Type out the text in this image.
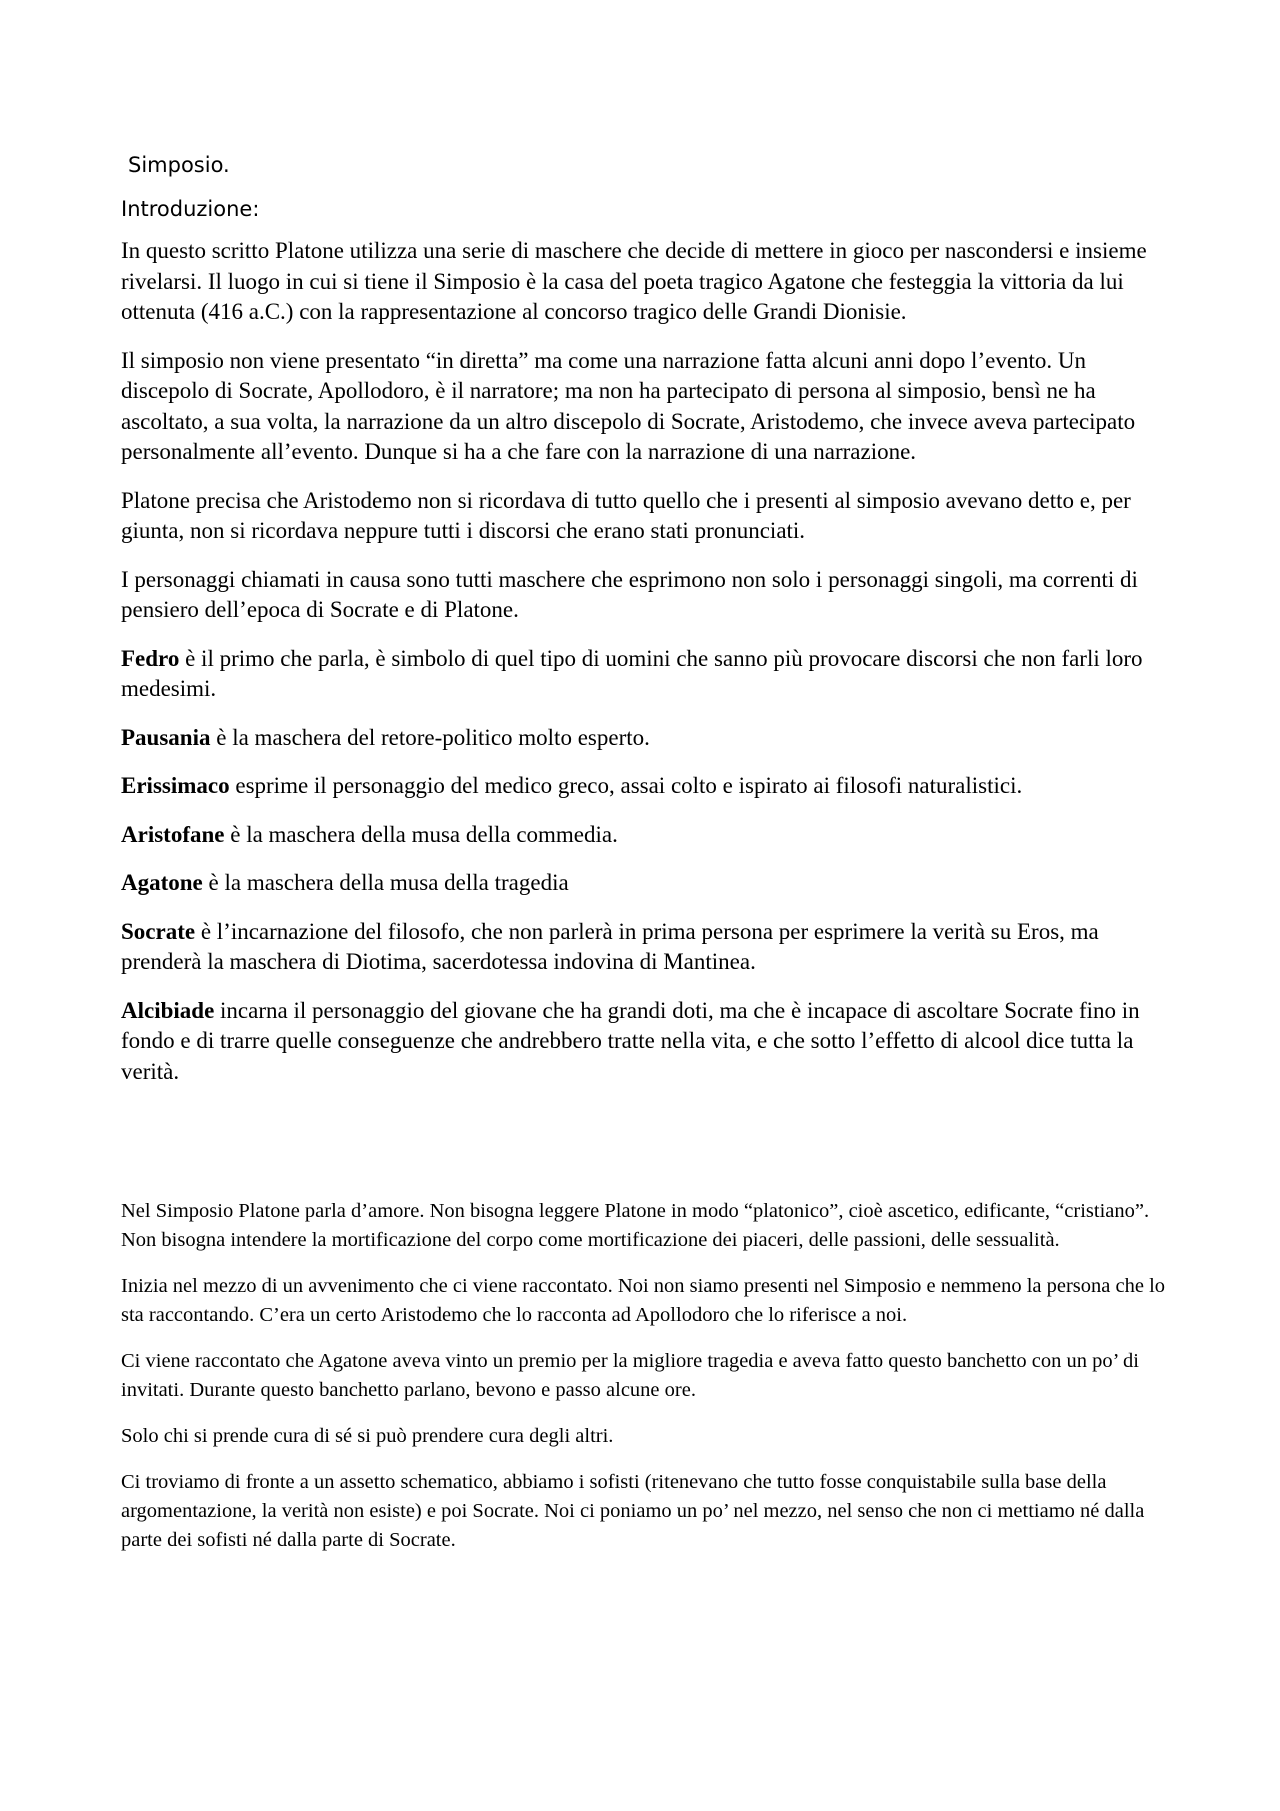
Simposio.
Introduzione:

In questo scritto Platone utilizza una serie di maschere che decide di mettere in gioco per nascondersi e insieme rivelarsi. Il luogo in cui si tiene il Simposio è la casa del poeta tragico Agatone che festeggia la vittoria da lui ottenuta (416 a.C.) con la rappresentazione al concorso tragico delle Grandi Dionisie.

Il simposio non viene presentato “in diretta” ma come una narrazione fatta alcuni anni dopo l’evento. Un discepolo di Socrate, Apollodoro, è il narratore; ma non ha partecipato di persona al simposio, bensì ne ha ascoltato, a sua volta, la narrazione da un altro discepolo di Socrate, Aristodemo, che invece aveva partecipato personalmente all’evento. Dunque si ha a che fare con la narrazione di una narrazione.

Platone precisa che Aristodemo non si ricordava di tutto quello che i presenti al simposio avevano detto e, per giunta, non si ricordava neppure tutti i discorsi che erano stati pronunciati.

I personaggi chiamati in causa sono tutti maschere che esprimono non solo i personaggi singoli, ma correnti di pensiero dell’epoca di Socrate e di Platone.

Fedro è il primo che parla, è simbolo di quel tipo di uomini che sanno più provocare discorsi che non farli loro medesimi.

Pausania è la maschera del retore-politico molto esperto.

Erissimaco esprime il personaggio del medico greco, assai colto e ispirato ai filosofi naturalistici.

Aristofane è la maschera della musa della commedia.

Agatone è la maschera della musa della tragedia

Socrate è l’incarnazione del filosofo, che non parlerà in prima persona per esprimere la verità su Eros, ma prenderà la maschera di Diotima, sacerdotessa indovina di Mantinea.

Alcibiade incarna il personaggio del giovane che ha grandi doti, ma che è incapace di ascoltare Socrate fino in fondo e di trarre quelle conseguenze che andrebbero tratte nella vita, e che sotto l’effetto di alcool dice tutta la verità.

Nel Simposio Platone parla d’amore. Non bisogna leggere Platone in modo “platonico”, cioè ascetico, edificante, “cristiano”. Non bisogna intendere la mortificazione del corpo come mortificazione dei piaceri, delle passioni, delle sessualità.

Inizia nel mezzo di un avvenimento che ci viene raccontato. Noi non siamo presenti nel Simposio e nemmeno la persona che lo sta raccontando. C’era un certo Aristodemo che lo racconta ad Apollodoro che lo riferisce a noi.

Ci viene raccontato che Agatone aveva vinto un premio per la migliore tragedia e aveva fatto questo banchetto con un po’ di invitati. Durante questo banchetto parlano, bevono e passo alcune ore.

Solo chi si prende cura di sé si può prendere cura degli altri.

Ci troviamo di fronte a un assetto schematico, abbiamo i sofisti (ritenevano che tutto fosse conquistabile sulla base della argomentazione, la verità non esiste) e poi Socrate. Noi ci poniamo un po’ nel mezzo, nel senso che non ci mettiamo né dalla parte dei sofisti né dalla parte di Socrate.
